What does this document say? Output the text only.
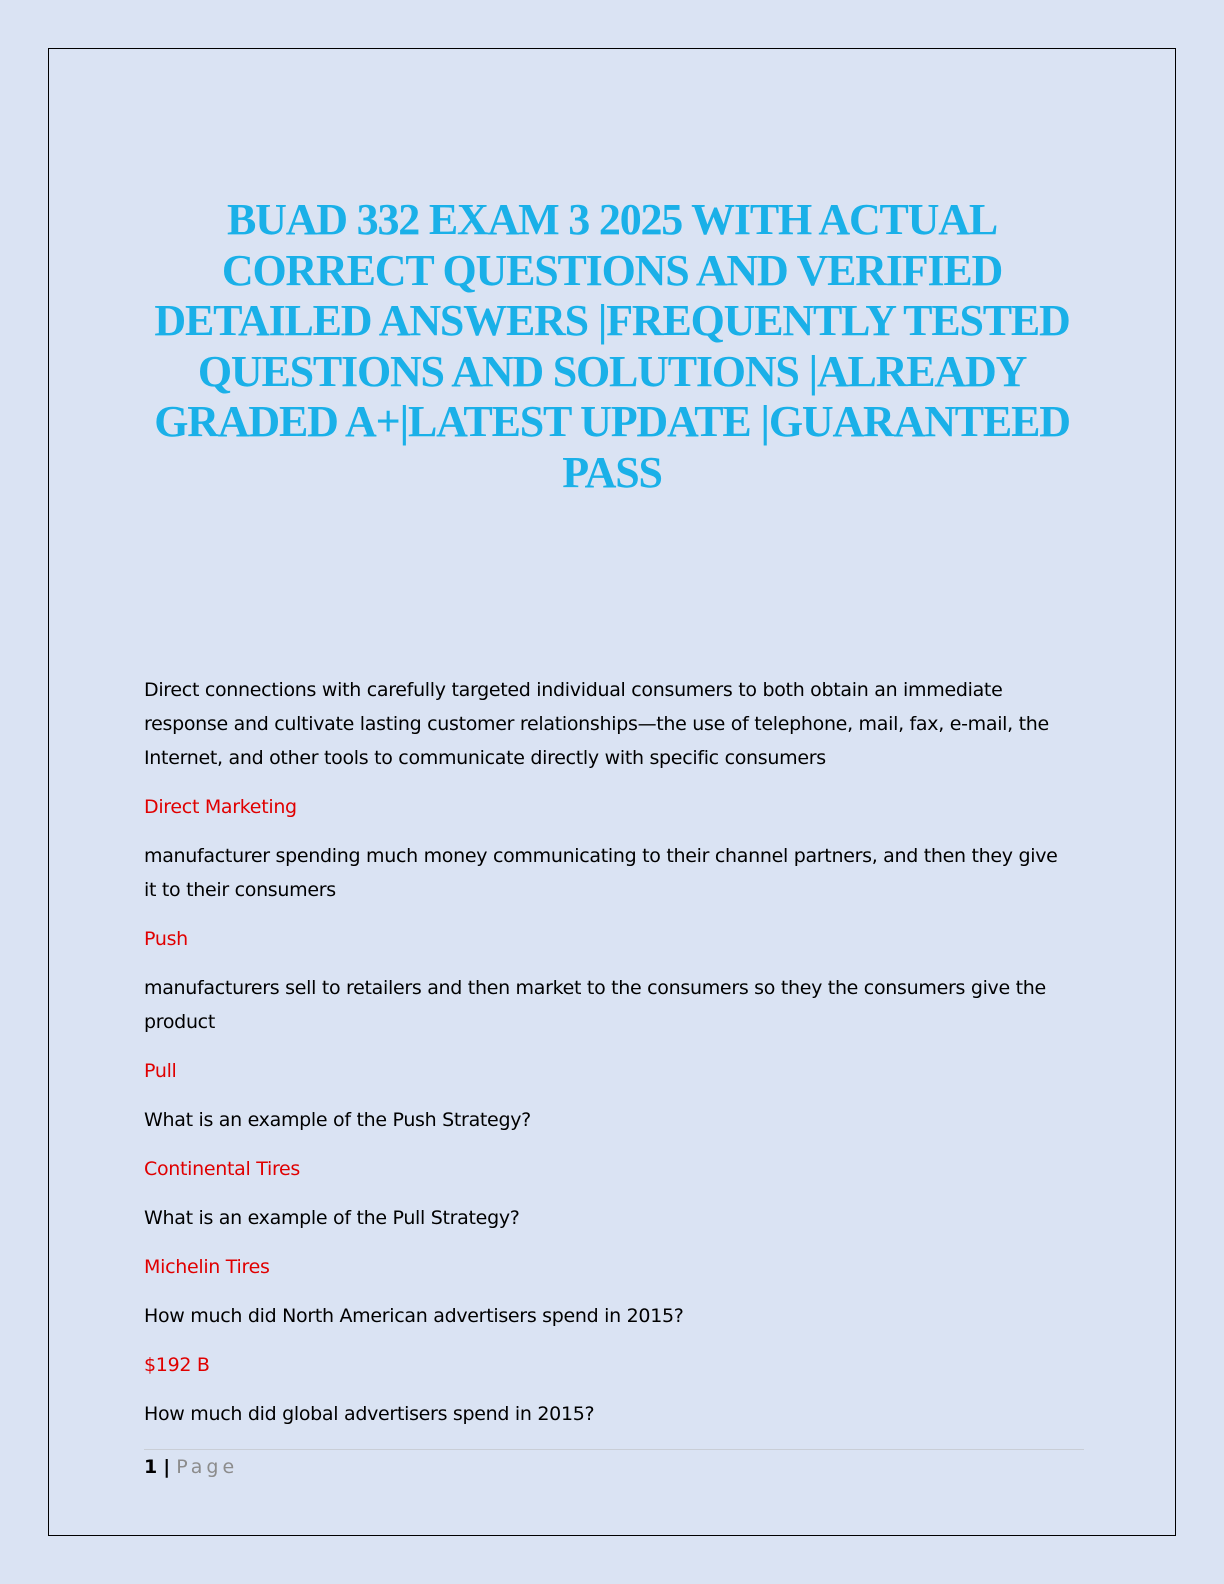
BUAD 332 EXAM 3 2025 WITH ACTUAL CORRECT QUESTIONS AND VERIFIED DETAILED ANSWERS |FREQUENTLY TESTED QUESTIONS AND SOLUTIONS |ALREADY GRADED A+|LATEST UPDATE |GUARANTEED PASS

Direct connections with carefully targeted individual consumers to both obtain an immediate response and cultivate lasting customer relationships—the use of telephone, mail, fax, e-mail, the Internet, and other tools to communicate directly with specific consumers

Direct Marketing

manufacturer spending much money communicating to their channel partners, and then they give it to their consumers

Push

manufacturers sell to retailers and then market to the consumers so they the consumers give the product

Pull

What is an example of the Push Strategy?

Continental Tires

What is an example of the Pull Strategy?

Michelin Tires

How much did North American advertisers spend in 2015?

$192 B

How much did global advertisers spend in 2015?

1 | Page
